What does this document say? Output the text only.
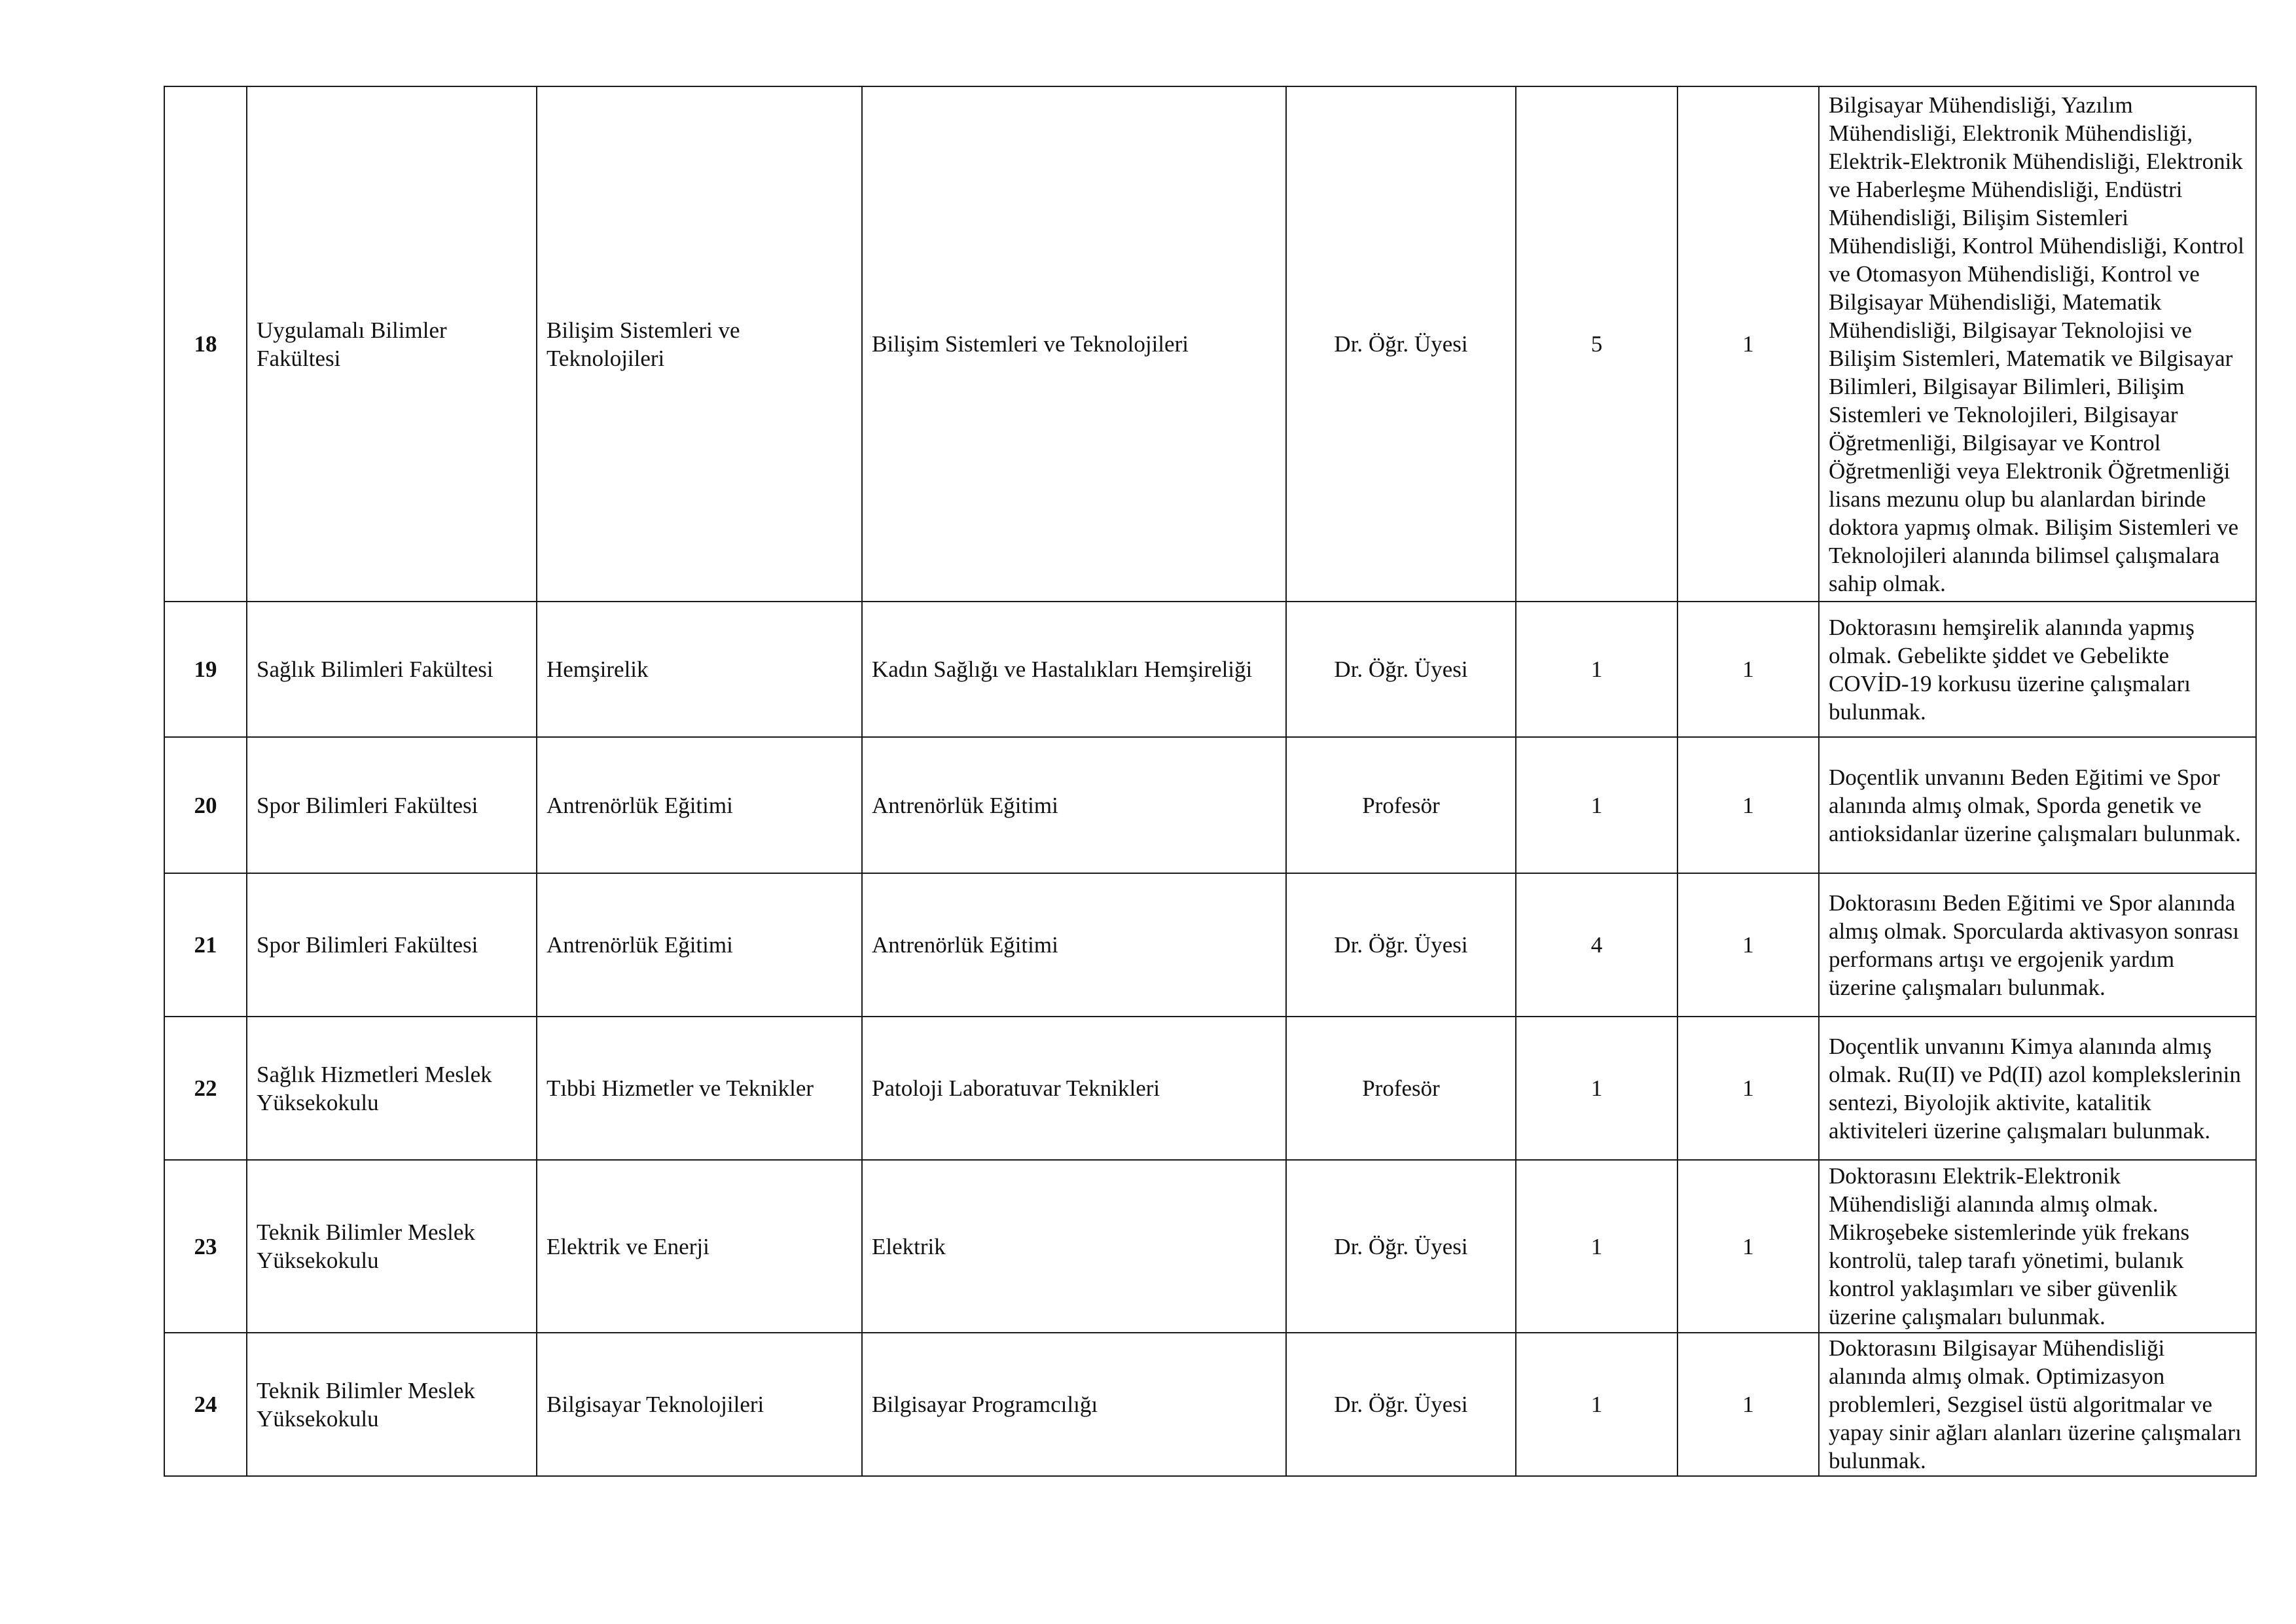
18	Uygulamalı Bilimler Fakültesi	Bilişim Sistemleri ve Teknolojileri	Bilişim Sistemleri ve Teknolojileri	Dr. Öğr. Üyesi	5	1	Bilgisayar Mühendisliği, Yazılım Mühendisliği, Elektronik Mühendisliği, Elektrik-Elektronik Mühendisliği, Elektronik ve Haberleşme Mühendisliği, Endüstri Mühendisliği, Bilişim Sistemleri Mühendisliği, Kontrol Mühendisliği, Kontrol ve Otomasyon Mühendisliği, Kontrol ve Bilgisayar Mühendisliği, Matematik Mühendisliği, Bilgisayar Teknolojisi ve Bilişim Sistemleri, Matematik ve Bilgisayar Bilimleri, Bilgisayar Bilimleri, Bilişim Sistemleri ve Teknolojileri, Bilgisayar Öğretmenliği, Bilgisayar ve Kontrol Öğretmenliği veya Elektronik Öğretmenliği lisans mezunu olup bu alanlardan birinde doktora yapmış olmak. Bilişim Sistemleri ve Teknolojileri alanında bilimsel çalışmalara sahip olmak.
19	Sağlık Bilimleri Fakültesi	Hemşirelik	Kadın Sağlığı ve Hastalıkları Hemşireliği	Dr. Öğr. Üyesi	1	1	Doktorasını hemşirelik alanında yapmış olmak. Gebelikte şiddet ve Gebelikte COVİD-19 korkusu üzerine çalışmaları bulunmak.
20	Spor Bilimleri Fakültesi	Antrenörlük Eğitimi	Antrenörlük Eğitimi	Profesör	1	1	Doçentlik unvanını Beden Eğitimi ve Spor alanında almış olmak, Sporda genetik ve antioksidanlar üzerine çalışmaları bulunmak.
21	Spor Bilimleri Fakültesi	Antrenörlük Eğitimi	Antrenörlük Eğitimi	Dr. Öğr. Üyesi	4	1	Doktorasını Beden Eğitimi ve Spor alanında almış olmak. Sporcularda aktivasyon sonrası performans artışı ve ergojenik yardım üzerine çalışmaları bulunmak.
22	Sağlık Hizmetleri Meslek Yüksekokulu	Tıbbi Hizmetler ve Teknikler	Patoloji Laboratuvar Teknikleri	Profesör	1	1	Doçentlik unvanını Kimya alanında almış olmak. Ru(II) ve Pd(II) azol komplekslerinin sentezi, Biyolojik aktivite, katalitik aktiviteleri üzerine çalışmaları bulunmak.
23	Teknik Bilimler Meslek Yüksekokulu	Elektrik ve Enerji	Elektrik	Dr. Öğr. Üyesi	1	1	Doktorasını Elektrik-Elektronik Mühendisliği alanında almış olmak. Mikroşebeke sistemlerinde yük frekans kontrolü, talep tarafı yönetimi, bulanık kontrol yaklaşımları ve siber güvenlik üzerine çalışmaları bulunmak.
24	Teknik Bilimler Meslek Yüksekokulu	Bilgisayar Teknolojileri	Bilgisayar Programcılığı	Dr. Öğr. Üyesi	1	1	Doktorasını Bilgisayar Mühendisliği alanında almış olmak. Optimizasyon problemleri, Sezgisel üstü algoritmalar ve yapay sinir ağları alanları üzerine çalışmaları bulunmak.
